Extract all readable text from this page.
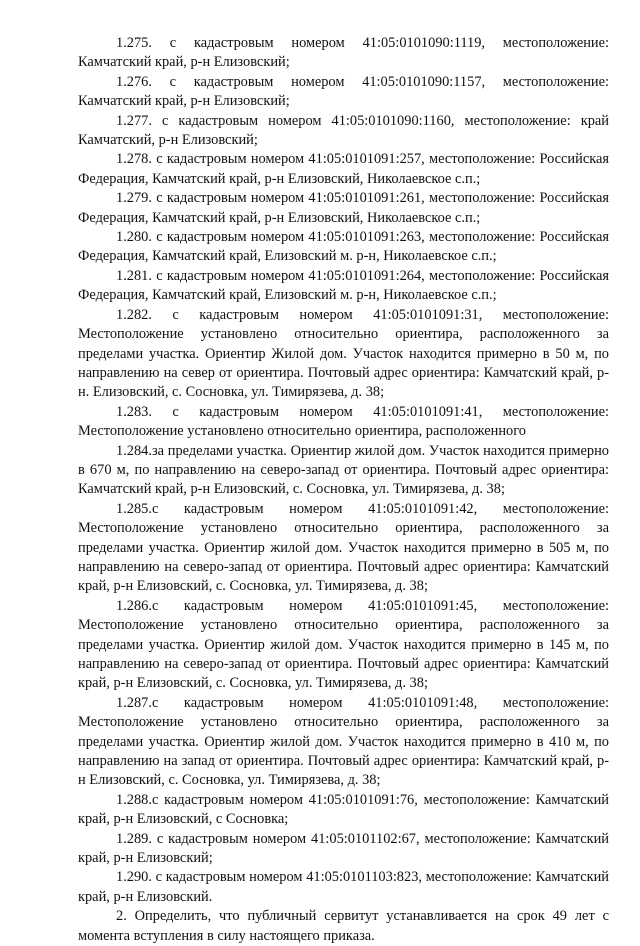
1.275. с кадастровым номером 41:05:0101090:1119, местоположение: Камчатский край, р-н Елизовский;

1.276. с кадастровым номером 41:05:0101090:1157, местоположение: Камчатский край, р-н Елизовский;

1.277. с кадастровым номером 41:05:0101090:1160, местоположение: край Камчатский, р-н Елизовский;

1.278. с кадастровым номером 41:05:0101091:257, местоположение: Российская Федерация, Камчатский край, р-н Елизовский, Николаевское с.п.;

1.279. с кадастровым номером 41:05:0101091:261, местоположение: Российская Федерация, Камчатский край, р-н Елизовский, Николаевское с.п.;

1.280. с кадастровым номером 41:05:0101091:263, местоположение: Российская Федерация, Камчатский край, Елизовский м. р-н, Николаевское с.п.;

1.281. с кадастровым номером 41:05:0101091:264, местоположение: Российская Федерация, Камчатский край, Елизовский м. р-н, Николаевское с.п.;

1.282. с кадастровым номером 41:05:0101091:31, местоположение: Местоположение установлено относительно ориентира, расположенного за пределами участка. Ориентир Жилой дом. Участок находится примерно в 50 м, по направлению на север от ориентира. Почтовый адрес ориентира: Камчатский край, р-н. Елизовский, с. Сосновка, ул. Тимирязева, д. 38;

1.283. с кадастровым номером 41:05:0101091:41, местоположение: Местоположение установлено относительно ориентира, расположенного

1.284.за пределами участка. Ориентир жилой дом. Участок находится примерно в 670 м, по направлению на северо-запад от ориентира. Почтовый адрес ориентира: Камчатский край, р-н Елизовский, с. Сосновка, ул. Тимирязева, д. 38;

1.285.с кадастровым номером 41:05:0101091:42, местоположение: Местоположение установлено относительно ориентира, расположенного за пределами участка. Ориентир жилой дом. Участок находится примерно в 505 м, по направлению на северо-запад от ориентира. Почтовый адрес ориентира: Камчатский край, р-н Елизовский, с. Сосновка, ул. Тимирязева, д. 38;

1.286.с кадастровым номером 41:05:0101091:45, местоположение: Местоположение установлено относительно ориентира, расположенного за пределами участка. Ориентир жилой дом. Участок находится примерно в 145 м, по направлению на северо-запад от ориентира. Почтовый адрес ориентира: Камчатский край, р-н Елизовский, с. Сосновка, ул. Тимирязева, д. 38;

1.287.с кадастровым номером 41:05:0101091:48, местоположение: Местоположение установлено относительно ориентира, расположенного за пределами участка. Ориентир жилой дом. Участок находится примерно в 410 м, по направлению на запад от ориентира. Почтовый адрес ориентира: Камчатский край, р-н Елизовский, с. Сосновка, ул. Тимирязева, д. 38;

1.288.с кадастровым номером 41:05:0101091:76, местоположение: Камчатский край, р-н Елизовский, с Сосновка;

1.289. с кадастровым номером 41:05:0101102:67, местоположение: Камчатский край, р-н Елизовский;

1.290. с кадастровым номером 41:05:0101103:823, местоположение: Камчатский край, р-н Елизовский.

2. Определить, что публичный сервитут устанавливается на срок 49 лет с момента вступления в силу настоящего приказа.
